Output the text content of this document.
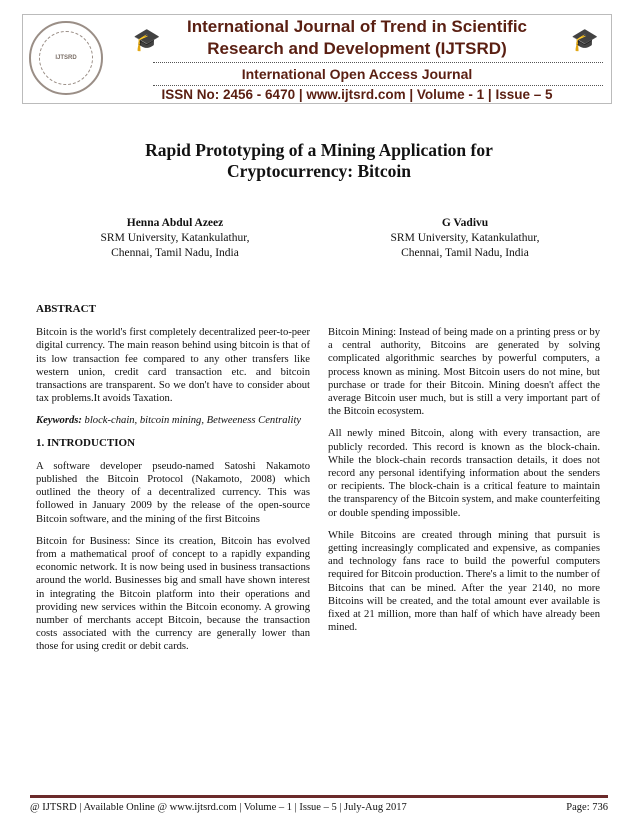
IJTSRD
🎓	🎓
International Journal of Trend in Scientific
Research and Development (IJTSRD)
International Open Access Journal
ISSN No: 2456 - 6470 | www.ijtsrd.com | Volume - 1 | Issue – 5
Rapid Prototyping of a Mining Application for
Cryptocurrency: Bitcoin
Henna Abdul Azeez
SRM University, Katankulathur,
Chennai, Tamil Nadu, India
G Vadivu
SRM University, Katankulathur,
Chennai, Tamil Nadu, India
ABSTRACT

Bitcoin is the world's first completely decentralized peer-to-peer digital currency. The main reason behind using bitcoin is that of its low transaction fee compared to any other transfers like western union, credit card transaction etc. and bitcoin transactions are transparent. So we don't have to consider about tax problems.It avoids Taxation.

Keywords: block-chain, bitcoin mining, Betweeness Centrality

1. INTRODUCTION

A software developer pseudo-named Satoshi Nakamoto published the Bitcoin Protocol (Nakamoto, 2008) which outlined the theory of a decentralized currency. This was followed in January 2009 by the release of the open-source Bitcoin software, and the mining of the first Bitcoins

Bitcoin for Business: Since its creation, Bitcoin has evolved from a mathematical proof of concept to a rapidly expanding economic network. It is now being used in business transactions around the world. Businesses big and small have shown interest in integrating the Bitcoin platform into their operations and providing new services within the Bitcoin economy. A growing number of merchants accept Bitcoin, because the transaction costs associated with the currency are generally lower than those for using credit or debit cards.

Bitcoin Mining: Instead of being made on a printing press or by a central authority, Bitcoins are generated by solving complicated algorithmic searches by powerful computers, a process known as mining. Most Bitcoin users do not mine, but purchase or trade for their Bitcoin. Mining doesn't affect the average Bitcoin user much, but is still a very important part of the Bitcoin ecosystem.

All newly mined Bitcoin, along with every transaction, are publicly recorded. This record is known as the block-chain. While the block-chain records transaction details, it does not record any personal identifying information about the senders or recipients. The block-chain is a critical feature to maintain the transparency of the Bitcoin system, and make counterfeiting or double spending impossible.

While Bitcoins are created through mining that pursuit is getting increasingly complicated and expensive, as companies and technology fans race to build the powerful computers required for Bitcoin production. There's a limit to the number of Bitcoins that can be mined. After the year 2140, no more Bitcoins will be created, and the total amount ever available is fixed at 21 million, more than half of which have already been mined.

@ IJTSRD | Available Online @ www.ijtsrd.com | Volume – 1 | Issue – 5 | July-Aug 2017	Page: 736
